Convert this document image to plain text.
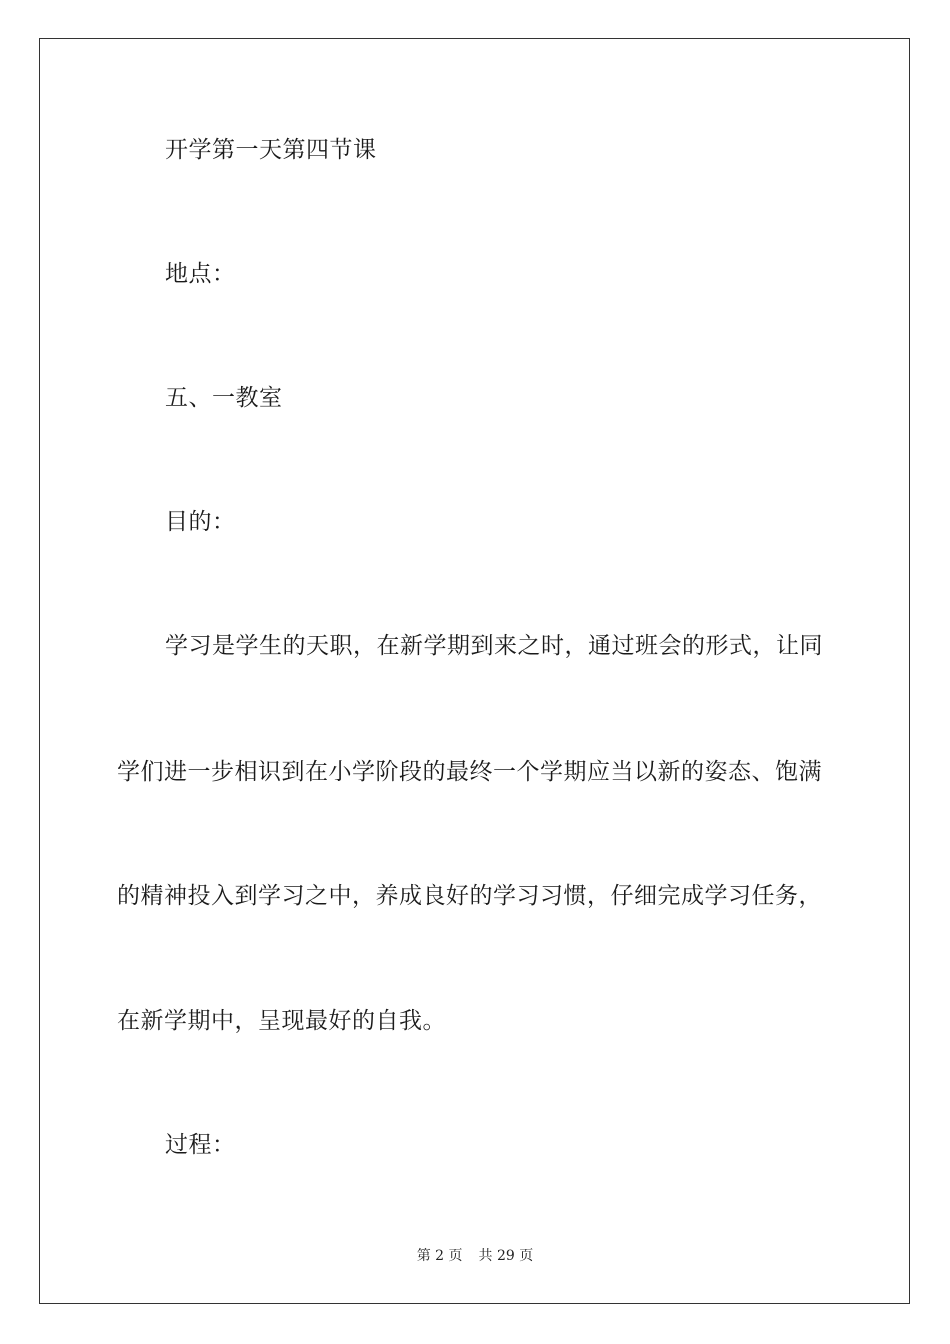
开学第一天第四节课
地点：
五、一教室
目的：
学习是学生的天职，在新学期到来之时，通过班会的形式，让同
学们进一步相识到在小学阶段的最终一个学期应当以新的姿态、饱满
的精神投入到学习之中，养成良好的学习习惯，仔细完成学习任务，
在新学期中，呈现最好的自我。
过程：
第 2 页 共 29 页
